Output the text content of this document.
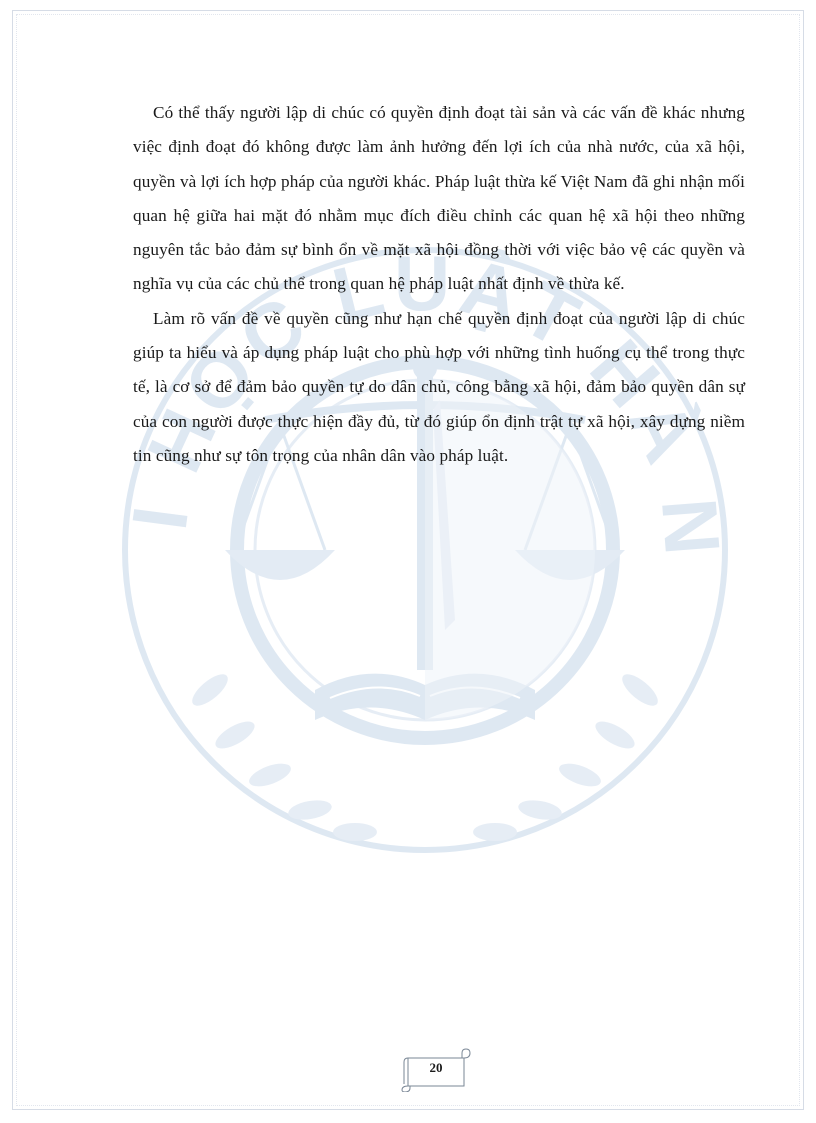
I HỌC LUẬT HÀ N

Có thể thấy người lập di chúc có quyền định đoạt tài sản và các vấn đề khác nhưng việc định đoạt đó không được làm ảnh hưởng đến lợi ích của nhà nước, của xã hội, quyền và lợi ích hợp pháp của người khác. Pháp luật thừa kế Việt Nam đã ghi nhận mối quan hệ giữa hai mặt đó nhằm mục đích điều chỉnh các quan hệ xã hội theo những nguyên tắc bảo đảm sự bình ổn về mặt xã hội đồng thời với việc bảo vệ các quyền và nghĩa vụ của các chủ thể trong quan hệ pháp luật nhất định về thừa kế.

Làm rõ vấn đề về quyền cũng như hạn chế quyền định đoạt của người lập di chúc giúp ta hiểu và áp dụng pháp luật cho phù hợp với những tình huống cụ thể trong thực tế, là cơ sở để đảm bảo quyền tự do dân chủ, công bằng xã hội, đảm bảo quyền dân sự của con người được thực hiện đầy đủ, từ đó giúp ổn định trật tự xã hội, xây dựng niềm tin cũng như sự tôn trọng của nhân dân vào pháp luật.

20
